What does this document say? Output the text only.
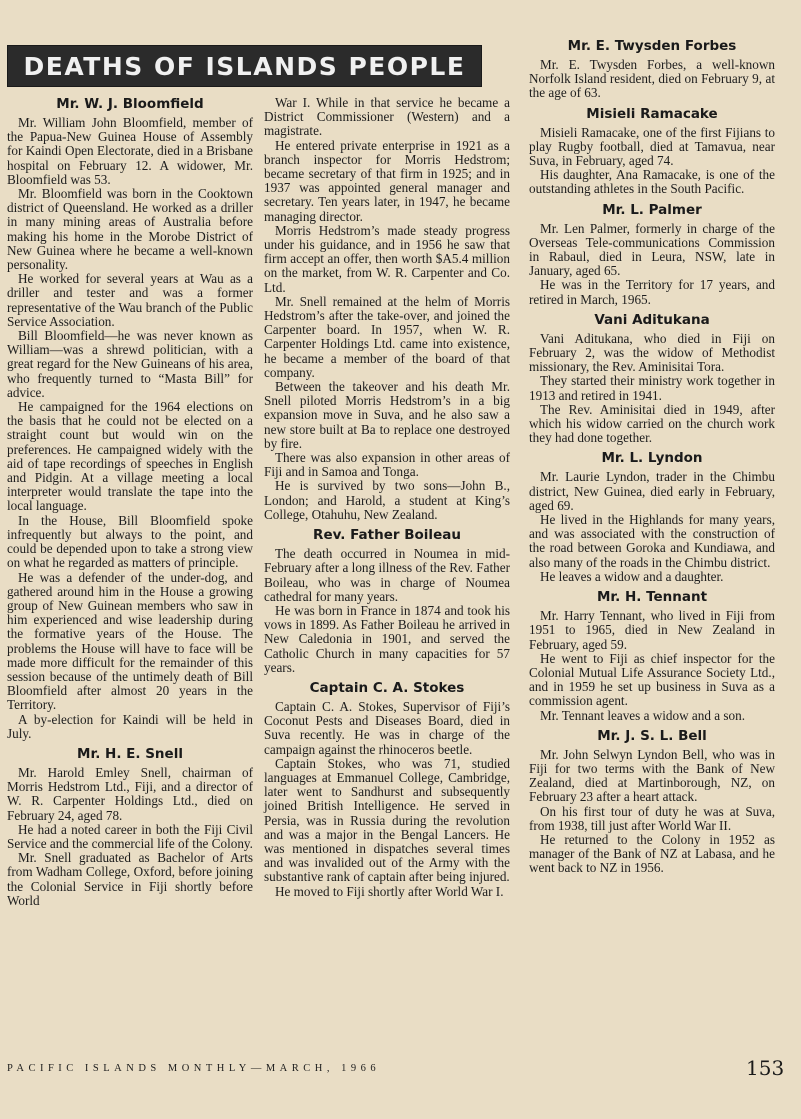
DEATHS OF ISLANDS PEOPLE
Mr. W. J. Bloomfield

Mr. William John Bloomfield, member of the Papua-New Guinea House of Assembly for Kaindi Open Electorate, died in a Brisbane hospital on February 12. A widower, Mr. Bloomfield was 53.

Mr. Bloomfield was born in the Cooktown district of Queensland. He worked as a driller in many mining areas of Australia before making his home in the Morobe District of New Guinea where he became a well-known personality.

He worked for several years at Wau as a driller and tester and was a former representative of the Wau branch of the Public Service Association.

Bill Bloomfield—he was never known as William—was a shrewd politician, with a great regard for the New Guineans of his area, who frequently turned to “Masta Bill” for advice.

He campaigned for the 1964 elections on the basis that he could not be elected on a straight count but would win on the preferences. He campaigned widely with the aid of tape recordings of speeches in English and Pidgin. At a village meeting a local interpreter would translate the tape into the local language.

In the House, Bill Bloomfield spoke infrequently but always to the point, and could be depended upon to take a strong view on what he regarded as matters of principle.

He was a defender of the under-dog, and gathered around him in the House a growing group of New Guinean members who saw in him experienced and wise leadership during the formative years of the House. The problems the House will have to face will be made more difficult for the remainder of this session because of the untimely death of Bill Bloomfield after almost 20 years in the Territory.

A by-election for Kaindi will be held in July.

Mr. H. E. Snell

Mr. Harold Emley Snell, chairman of Morris Hedstrom Ltd., Fiji, and a director of W. R. Carpenter Holdings Ltd., died on February 24, aged 78.

He had a noted career in both the Fiji Civil Service and the commercial life of the Colony.

Mr. Snell graduated as Bachelor of Arts from Wadham College, Oxford, before joining the Colonial Service in Fiji shortly before World

War I. While in that service he became a District Commissioner (Western) and a magistrate.

He entered private enterprise in 1921 as a branch inspector for Morris Hedstrom; became secretary of that firm in 1925; and in 1937 was appointed general manager and secretary. Ten years later, in 1947, he became managing director.

Morris Hedstrom’s made steady progress under his guidance, and in 1956 he saw that firm accept an offer, then worth $A5.4 million on the market, from W. R. Carpenter and Co. Ltd.

Mr. Snell remained at the helm of Morris Hedstrom’s after the take-over, and joined the Carpenter board. In 1957, when W. R. Carpenter Holdings Ltd. came into existence, he became a member of the board of that company.

Between the takeover and his death Mr. Snell piloted Morris Hedstrom’s in a big expansion move in Suva, and he also saw a new store built at Ba to replace one destroyed by fire.

There was also expansion in other areas of Fiji and in Samoa and Tonga.

He is survived by two sons—John B., London; and Harold, a student at King’s College, Otahuhu, New Zealand.

Rev. Father Boileau

The death occurred in Noumea in mid-February after a long illness of the Rev. Father Boileau, who was in charge of Noumea cathedral for many years.

He was born in France in 1874 and took his vows in 1899. As Father Boileau he arrived in New Caledonia in 1901, and served the Catholic Church in many capacities for 57 years.

Captain C. A. Stokes

Captain C. A. Stokes, Supervisor of Fiji’s Coconut Pests and Diseases Board, died in Suva recently. He was in charge of the campaign against the rhinoceros beetle.

Captain Stokes, who was 71, studied languages at Emmanuel College, Cambridge, later went to Sandhurst and subsequently joined British Intelligence. He served in Persia, was in Russia during the revolution and was a major in the Bengal Lancers. He was mentioned in dispatches several times and was invalided out of the Army with the substantive rank of captain after being injured.

He moved to Fiji shortly after World War I.

Mr. E. Twysden Forbes

Mr. E. Twysden Forbes, a well-known Norfolk Island resident, died on February 9, at the age of 63.

Misieli Ramacake

Misieli Ramacake, one of the first Fijians to play Rugby football, died at Tamavua, near Suva, in February, aged 74.

His daughter, Ana Ramacake, is one of the outstanding athletes in the South Pacific.

Mr. L. Palmer

Mr. Len Palmer, formerly in charge of the Overseas Tele-communications Commission in Rabaul, died in Leura, NSW, late in January, aged 65.

He was in the Territory for 17 years, and retired in March, 1965.

Vani Aditukana

Vani Aditukana, who died in Fiji on February 2, was the widow of Methodist missionary, the Rev. Aminisitai Tora.

They started their ministry work together in 1913 and retired in 1941.

The Rev. Aminisitai died in 1949, after which his widow carried on the church work they had done together.

Mr. L. Lyndon

Mr. Laurie Lyndon, trader in the Chimbu district, New Guinea, died early in February, aged 69.

He lived in the Highlands for many years, and was associated with the construction of the road between Goroka and Kundiawa, and also many of the roads in the Chimbu district.

He leaves a widow and a daughter.

Mr. H. Tennant

Mr. Harry Tennant, who lived in Fiji from 1951 to 1965, died in New Zealand in February, aged 59.

He went to Fiji as chief inspector for the Colonial Mutual Life Assurance Society Ltd., and in 1959 he set up business in Suva as a commission agent.

Mr. Tennant leaves a widow and a son.

Mr. J. S. L. Bell

Mr. John Selwyn Lyndon Bell, who was in Fiji for two terms with the Bank of New Zealand, died at Martinborough, NZ, on February 23 after a heart attack.

On his first tour of duty he was at Suva, from 1938, till just after World War II.

He returned to the Colony in 1952 as manager of the Bank of NZ at Labasa, and he went back to NZ in 1956.

PACIFIC ISLANDS MONTHLY—MARCH, 1966	153
